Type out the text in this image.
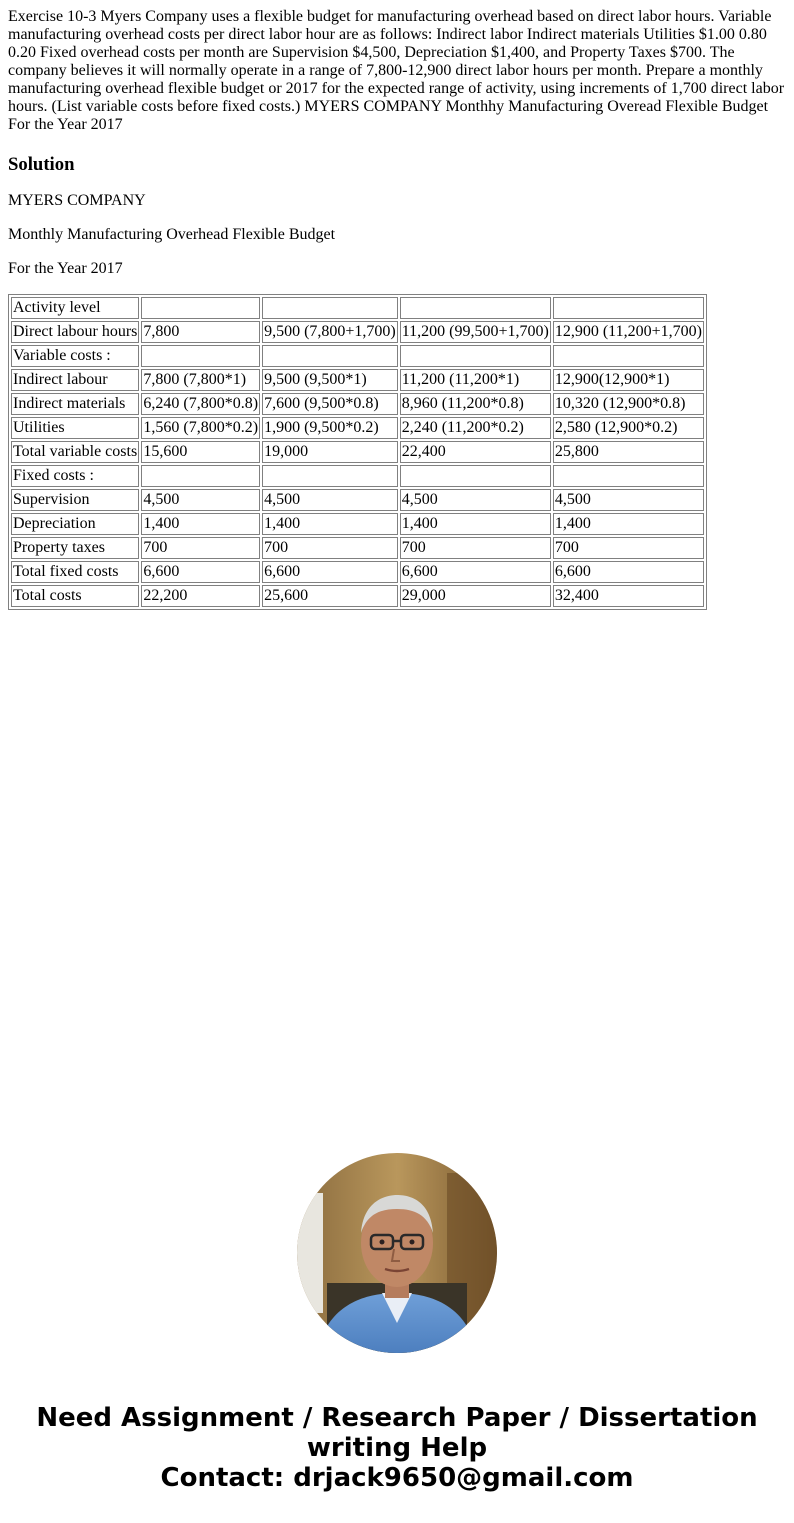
Exercise 10-3 Myers Company uses a flexible budget for manufacturing overhead based on direct labor hours. Variable manufacturing overhead costs per direct labor hour are as follows: Indirect labor Indirect materials Utilities $1.00 0.80 0.20 Fixed overhead costs per month are Supervision $4,500, Depreciation $1,400, and Property Taxes $700. The company believes it will normally operate in a range of 7,800-12,900 direct labor hours per month. Prepare a monthly manufacturing overhead flexible budget or 2017 for the expected range of activity, using increments of 1,700 direct labor hours. (List variable costs before fixed costs.) MYERS COMPANY Monthhy Manufacturing Overead Flexible Budget For the Year 2017

Solution

MYERS COMPANY

Monthly Manufacturing Overhead Flexible Budget

For the Year 2017

Activity level				
Direct labour hours	7,800	9,500 (7,800+1,700)	11,200 (99,500+1,700)	12,900 (11,200+1,700)
Variable costs :				
Indirect labour	7,800 (7,800*1)	9,500 (9,500*1)	11,200 (11,200*1)	12,900(12,900*1)
Indirect materials	6,240 (7,800*0.8)	7,600 (9,500*0.8)	8,960 (11,200*0.8)	10,320 (12,900*0.8)
Utilities	1,560 (7,800*0.2)	1,900 (9,500*0.2)	2,240 (11,200*0.2)	2,580 (12,900*0.2)
Total variable costs	15,600	19,000	22,400	25,800
Fixed costs :				
Supervision	4,500	4,500	4,500	4,500
Depreciation	1,400	1,400	1,400	1,400
Property taxes	700	700	700	700
Total fixed costs	6,600	6,600	6,600	6,600
Total costs	22,200	25,600	29,000	32,400
Need Assignment / Research Paper / Dissertation
writing Help
Contact: drjack9650@gmail.com
